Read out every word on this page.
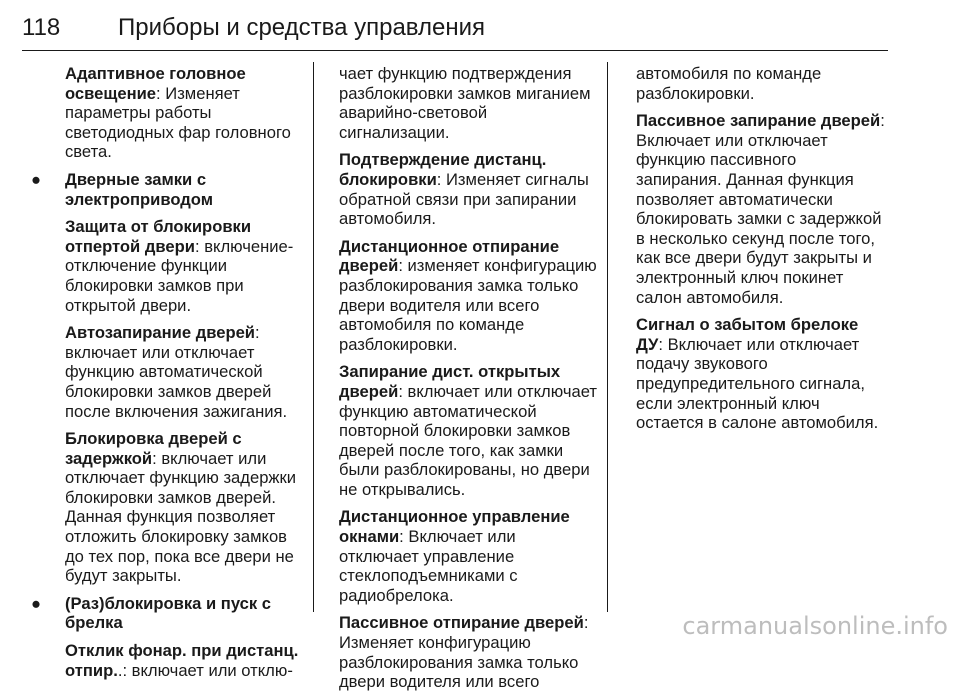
118	Приборы и средства управления

Адаптивное головное освещение: Изменяет параметры работы светодиодных фар головного света.

● Дверные замки с электроприводом

Защита от блокировки отпертой двери: включение-отключение функции блокировки замков при открытой двери.

Автозапирание дверей: включает или отключает функцию автоматической блокировки замков дверей после включения зажигания.

Блокировка дверей с задержкой: включает или отключает функцию задержки блокировки замков дверей. Данная функция позволяет отложить блокировку замков до тех пор, пока все двери не будут закрыты.

● (Раз)блокировка и пуск с брелка

Отклик фонар. при дистанц. отпир..: включает или отклю-

чает функцию подтверждения разблокировки замков миганием аварийно-световой сигнализации.

Подтверждение дистанц. блокировки: Изменяет сигналы обратной связи при запирании автомобиля.

Дистанционное отпирание дверей: изменяет конфигурацию разблокирования замка только двери водителя или всего автомобиля по команде разблокировки.

Запирание дист. открытых дверей: включает или отключает функцию автоматической повторной блокировки замков дверей после того, как замки были разблокированы, но двери не открывались.

Дистанционное управление окнами: Включает или отключает управление стеклоподъемниками с радиобрелока.

Пассивное отпирание дверей: Изменяет конфигурацию разблокирования замка только двери водителя или всего

автомобиля по команде разблокировки.

Пассивное запирание дверей: Включает или отключает функцию пассивного запирания. Данная функция позволяет автоматически блокировать замки с задержкой в несколько секунд после того, как все двери будут закрыты и электронный ключ покинет салон автомобиля.

Сигнал о забытом брелоке ДУ: Включает или отключает подачу звукового предупредительного сигнала, если электронный ключ остается в салоне автомобиля.

carmanualsonline.info
